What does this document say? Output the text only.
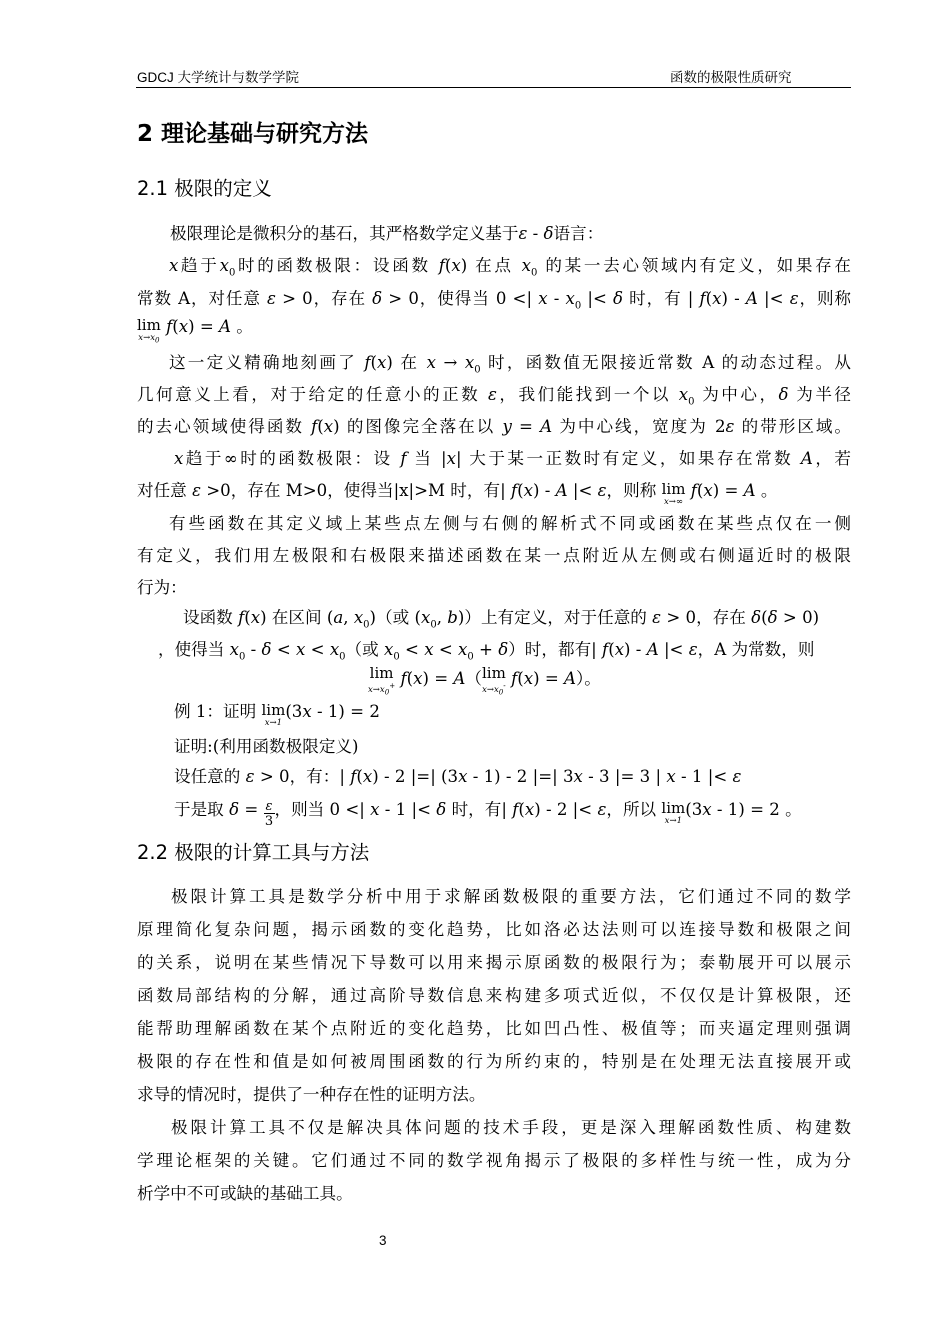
GDCJ 大学统计与数学学院	函数的极限性质研究
2 理论基础与研究方法
2.1 极限的定义
极限理论是微积分的基石，其严格数学定义基于ε - δ语言：
x趋于$x_0$时的函数极限：设函数 f(x) 在点 $x_0$ 的某一去心领域内有定义，如果存在
常数 A，对任意 ε > 0，存在 δ > 0，使得当 0 <| x - $x_0$ |< δ 时，有 | f(x) - A |< ε，则称
lim
$x\to x_0$
f(x) = A 。
这一定义精确地刻画了 f(x) 在 $x \to x_0$ 时，函数值无限接近常数 A 的动态过程。从
几何意义上看，对于给定的任意小的正数 ε，我们能找到一个以 $x_0$ 为中心，δ 为半径
的去心领域使得函数 f(x) 的图像完全落在以 y = A 为中心线，宽度为 2ε 的带形区域。
x趋于∞时的函数极限：设 f 当 |x| 大于某一正数时有定义，如果存在常数 A，若
对任意 ε >0，存在 M>0，使得当|x|>M 时，有| f(x) - A |< ε，则称 lim
x→∞
f(x) = A 。
有些函数在其定义域上某些点左侧与右侧的解析式不同或函数在某些点仅在一侧
有定义，我们用左极限和右极限来描述函数在某一点附近从左侧或右侧逼近时的极限
行为：
设函数 f(x) 在区间 (a, $x_0$)（或 ($x_0$, b)）上有定义，对于任意的 ε > 0，存在 δ(δ > 0)
，使得当 $x_0 - \delta < x < x_0$（或 $x_0 < x < x_0 + \delta$）时，都有| f(x) - A |< ε，A 为常数，则
lim
$x\to x_0^+$ f(x) = A（ lim
$x\to x_0^-$ f(x) = A）。
例 1：证明 lim
x→1
(3x - 1) = 2
证明:(利用函数极限定义)
设任意的 ε > 0，有：| f(x) - 2 |=| (3x - 1) - 2 |=| 3x - 3 |= 3 | x - 1 |< ε
于是取 $\delta = \frac{\varepsilon}{3}$ ，则当 0 <| x - 1 |< δ 时，有| f(x) - 2 |< ε，所以 lim
x→1
(3x - 1) = 2 。
2.2 极限的计算工具与方法
极限计算工具是数学分析中用于求解函数极限的重要方法，它们通过不同的数学
原理简化复杂问题，揭示函数的变化趋势，比如洛必达法则可以连接导数和极限之间
的关系，说明在某些情况下导数可以用来揭示原函数的极限行为；泰勒展开可以展示
函数局部结构的分解，通过高阶导数信息来构建多项式近似，不仅仅是计算极限，还
能帮助理解函数在某个点附近的变化趋势，比如凹凸性、极值等；而夹逼定理则强调
极限的存在性和值是如何被周围函数的行为所约束的，特别是在处理无法直接展开或
求导的情况时，提供了一种存在性的证明方法。
极限计算工具不仅是解决具体问题的技术手段，更是深入理解函数性质、构建数
学理论框架的关键。它们通过不同的数学视角揭示了极限的多样性与统一性，成为分
析学中不可或缺的基础工具。
3
